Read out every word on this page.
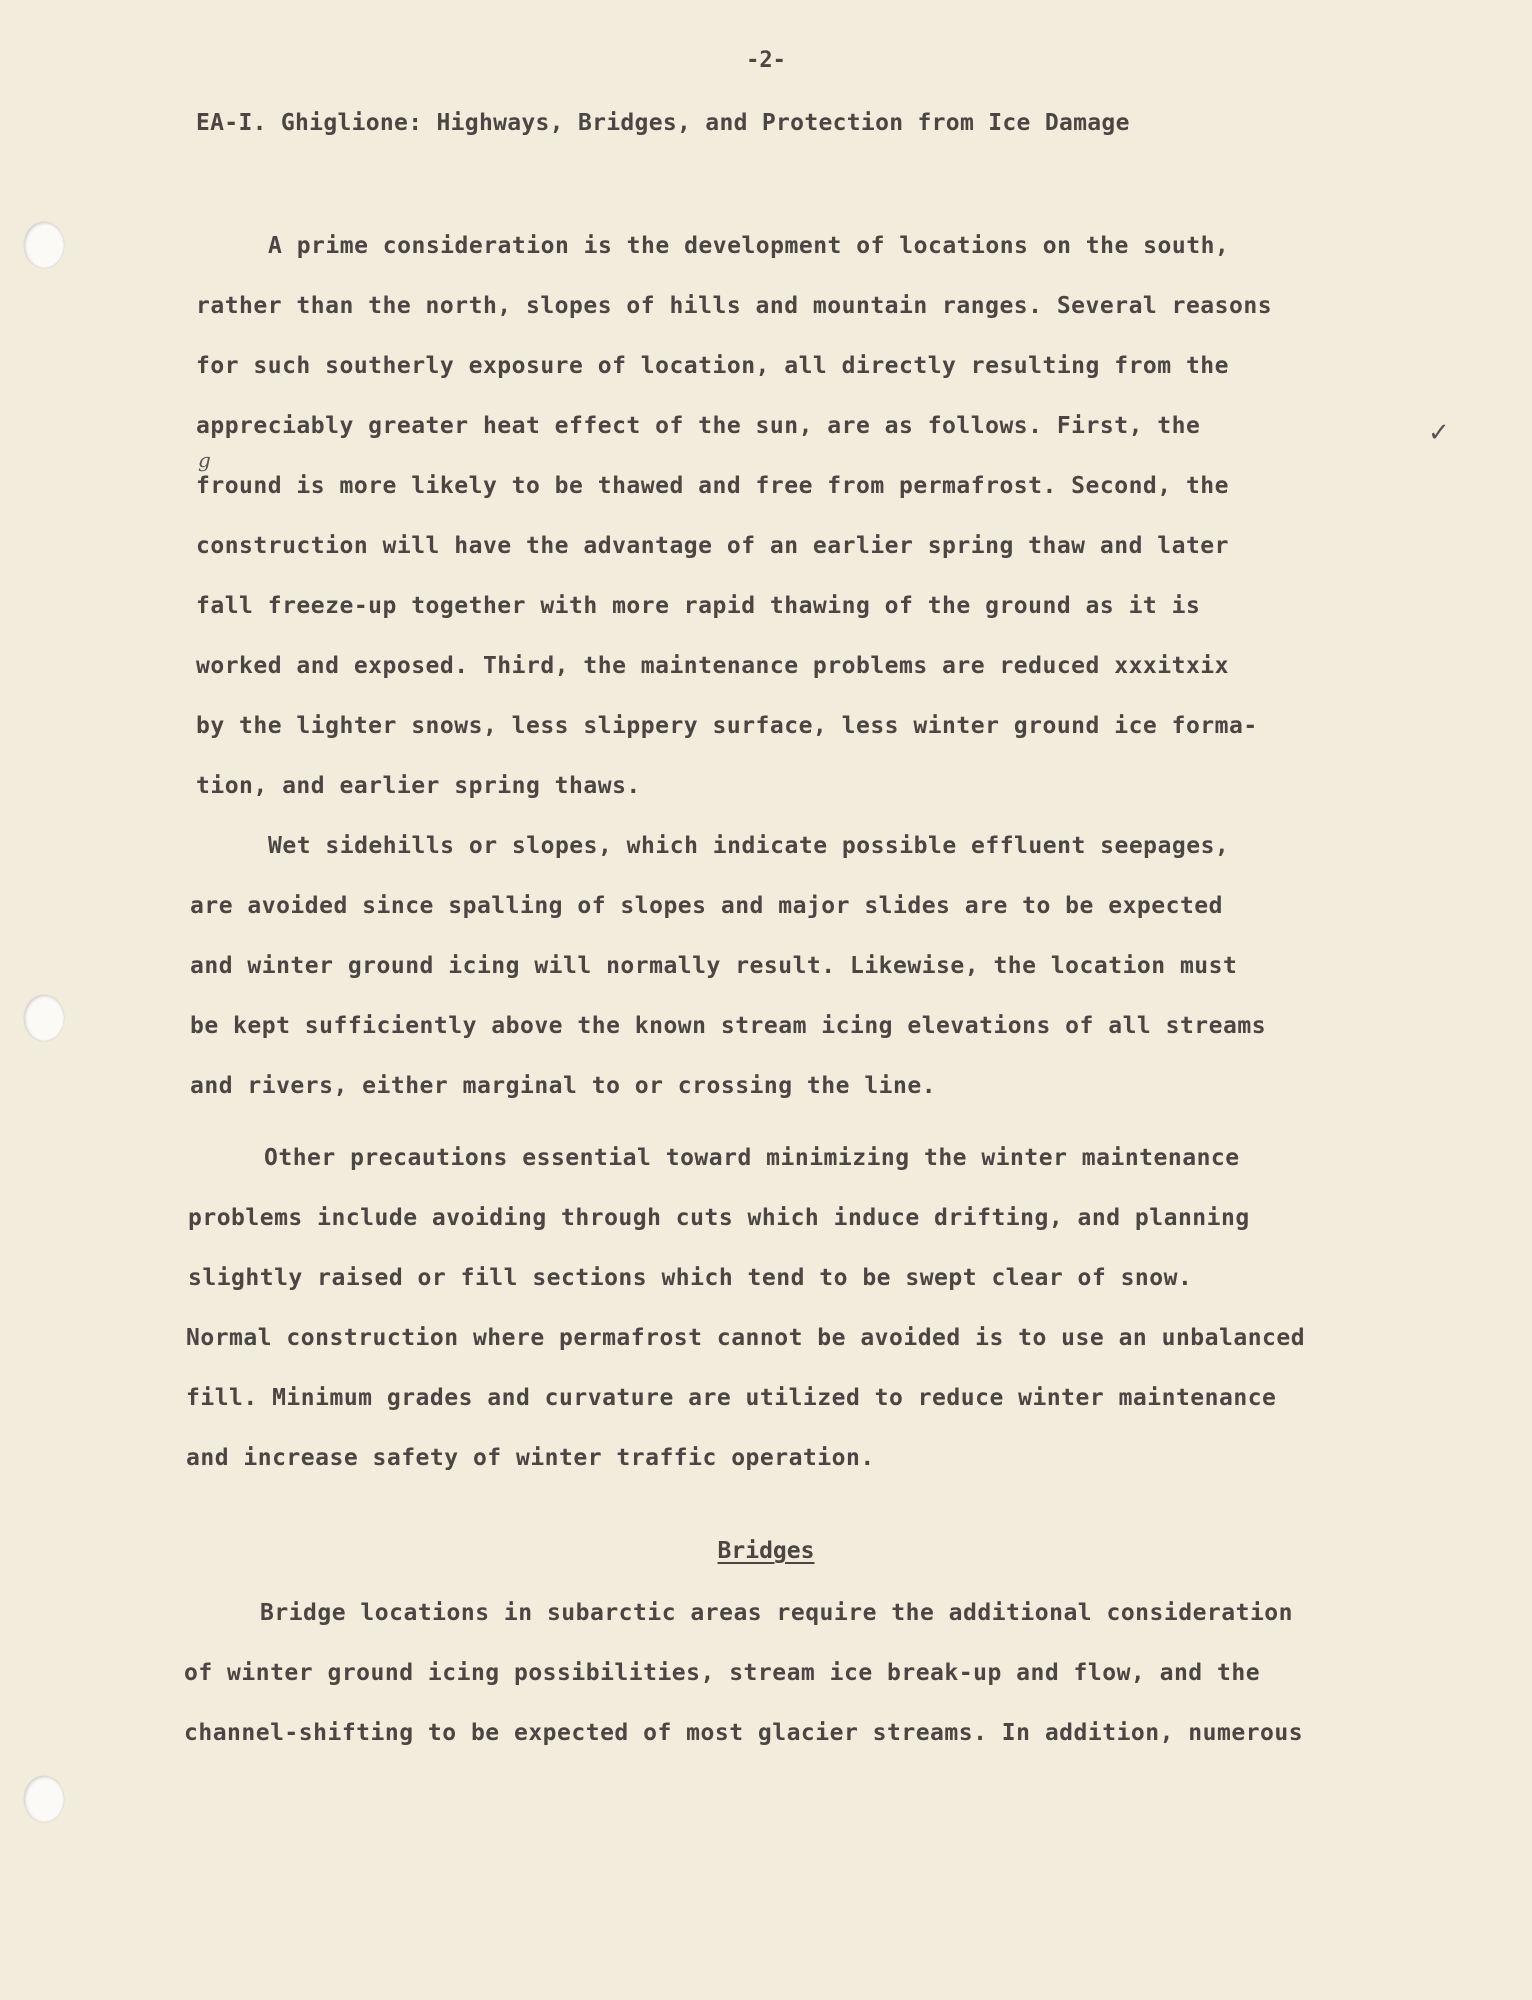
-2-
EA-I. Ghiglione: Highways, Bridges, and Protection from Ice Damage
A prime consideration is the development of locations on the south,
rather than the north, slopes of hills and mountain ranges. Several reasons
for such southerly exposure of location, all directly resulting from the
appreciably greater heat effect of the sun, are as follows. First, the
fround is more likely to be thawed and free from permafrost. Second, the
construction will have the advantage of an earlier spring thaw and later
fall freeze-up together with more rapid thawing of the ground as it is
worked and exposed. Third, the maintenance problems are reduced xxxitxix
by the lighter snows, less slippery surface, less winter ground ice forma-
tion, and earlier spring thaws.
g
✓
Wet sidehills or slopes, which indicate possible effluent seepages,
are avoided since spalling of slopes and major slides are to be expected
and winter ground icing will normally result. Likewise, the location must
be kept sufficiently above the known stream icing elevations of all streams
and rivers, either marginal to or crossing the line.
Other precautions essential toward minimizing the winter maintenance
problems include avoiding through cuts which induce drifting, and planning
slightly raised or fill sections which tend to be swept clear of snow.
Normal construction where permafrost cannot be avoided is to use an unbalanced
fill. Minimum grades and curvature are utilized to reduce winter maintenance
and increase safety of winter traffic operation.
Bridges
Bridge locations in subarctic areas require the additional consideration
of winter ground icing possibilities, stream ice break-up and flow, and the
channel-shifting to be expected of most glacier streams. In addition, numerous
